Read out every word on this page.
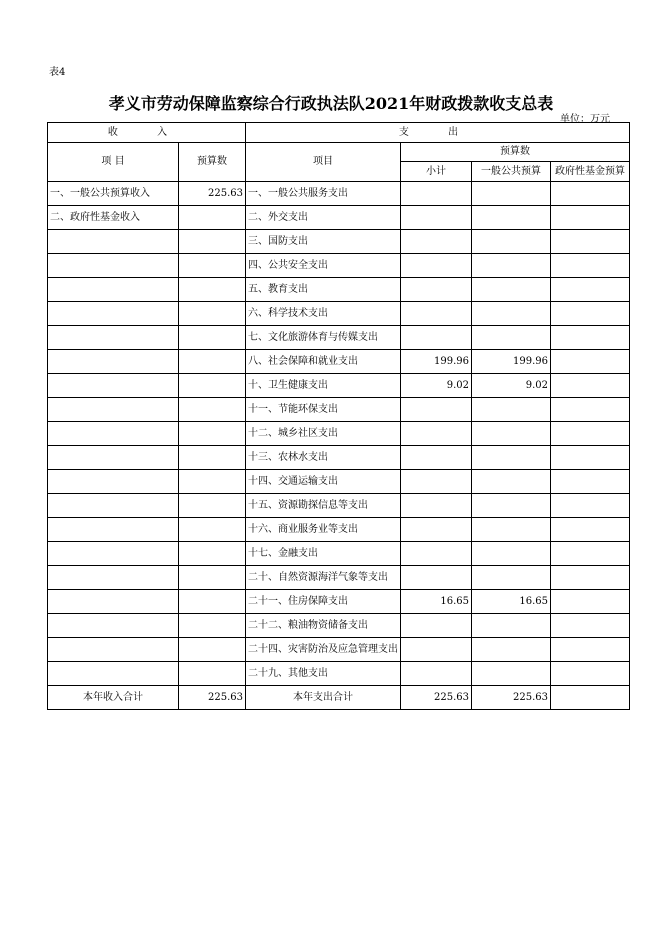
表4
孝义市劳动保障监察综合行政执法队2021年财政拨款收支总表
单位：万元
收 入		支 出			
项 目	预算数	项目	预算数		
			小计	一般公共预算	政府性基金预算
一、一般公共预算收入	225.63	一、一般公共服务支出			
二、政府性基金收入		二、外交支出			
		三、国防支出			
		四、公共安全支出			
		五、教育支出			
		六、科学技术支出			
		七、文化旅游体育与传媒支出			
		八、社会保障和就业支出	199.96	199.96	
		十、卫生健康支出	9.02	9.02	
		十一、节能环保支出			
		十二、城乡社区支出			
		十三、农林水支出			
		十四、交通运输支出			
		十五、资源勘探信息等支出			
		十六、商业服务业等支出			
		十七、金融支出			
		二十、自然资源海洋气象等支出			
		二十一、住房保障支出	16.65	16.65	
		二十二、粮油物资储备支出			
		二十四、灾害防治及应急管理支出			
		二十九、其他支出			
本年收入合计	225.63	本年支出合计	225.63	225.63	
